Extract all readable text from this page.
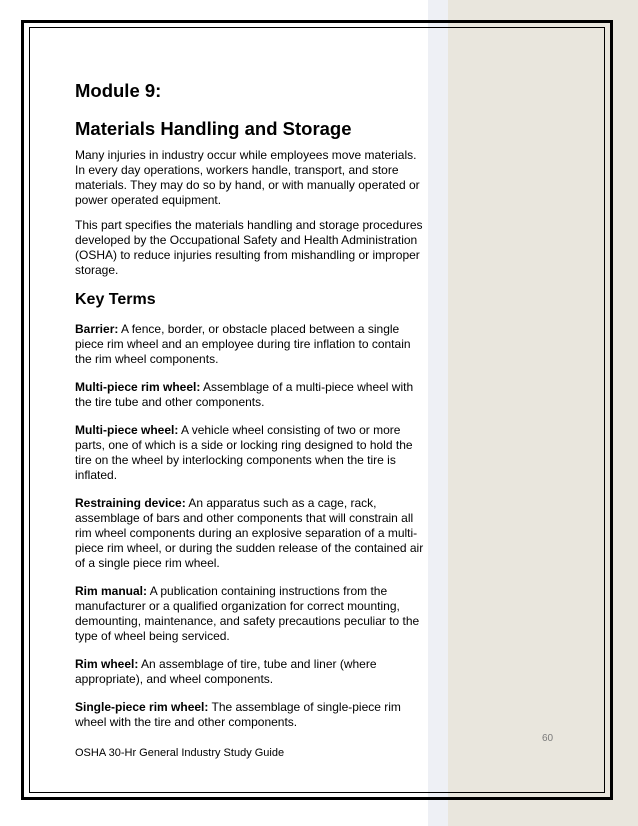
Module 9:
Materials Handling and Storage

Many injuries in industry occur while employees move materials. In every day operations, workers handle, transport, and store materials. They may do so by hand, or with manually operated or power operated equipment.

This part specifies the materials handling and storage procedures developed by the Occupational Safety and Health Administration (OSHA) to reduce injuries resulting from mishandling or improper storage.

Key Terms

Barrier: A fence, border, or obstacle placed between a single piece rim wheel and an employee during tire inflation to contain the rim wheel components.

Multi-piece rim wheel: Assemblage of a multi-piece wheel with the tire tube and other components.

Multi-piece wheel: A vehicle wheel consisting of two or more parts, one of which is a side or locking ring designed to hold the tire on the wheel by interlocking components when the tire is inflated.

Restraining device: An apparatus such as a cage, rack, assemblage of bars and other components that will constrain all rim wheel components during an explosive separation of a multi-piece rim wheel, or during the sudden release of the contained air of a single piece rim wheel.

Rim manual: A publication containing instructions from the manufacturer or a qualified organization for correct mounting, demounting, maintenance, and safety precautions peculiar to the type of wheel being serviced.

Rim wheel: An assemblage of tire, tube and liner (where appropriate), and wheel components.

Single-piece rim wheel: The assemblage of single-piece rim wheel with the tire and other components.

60
OSHA 30-Hr General Industry Study Guide
